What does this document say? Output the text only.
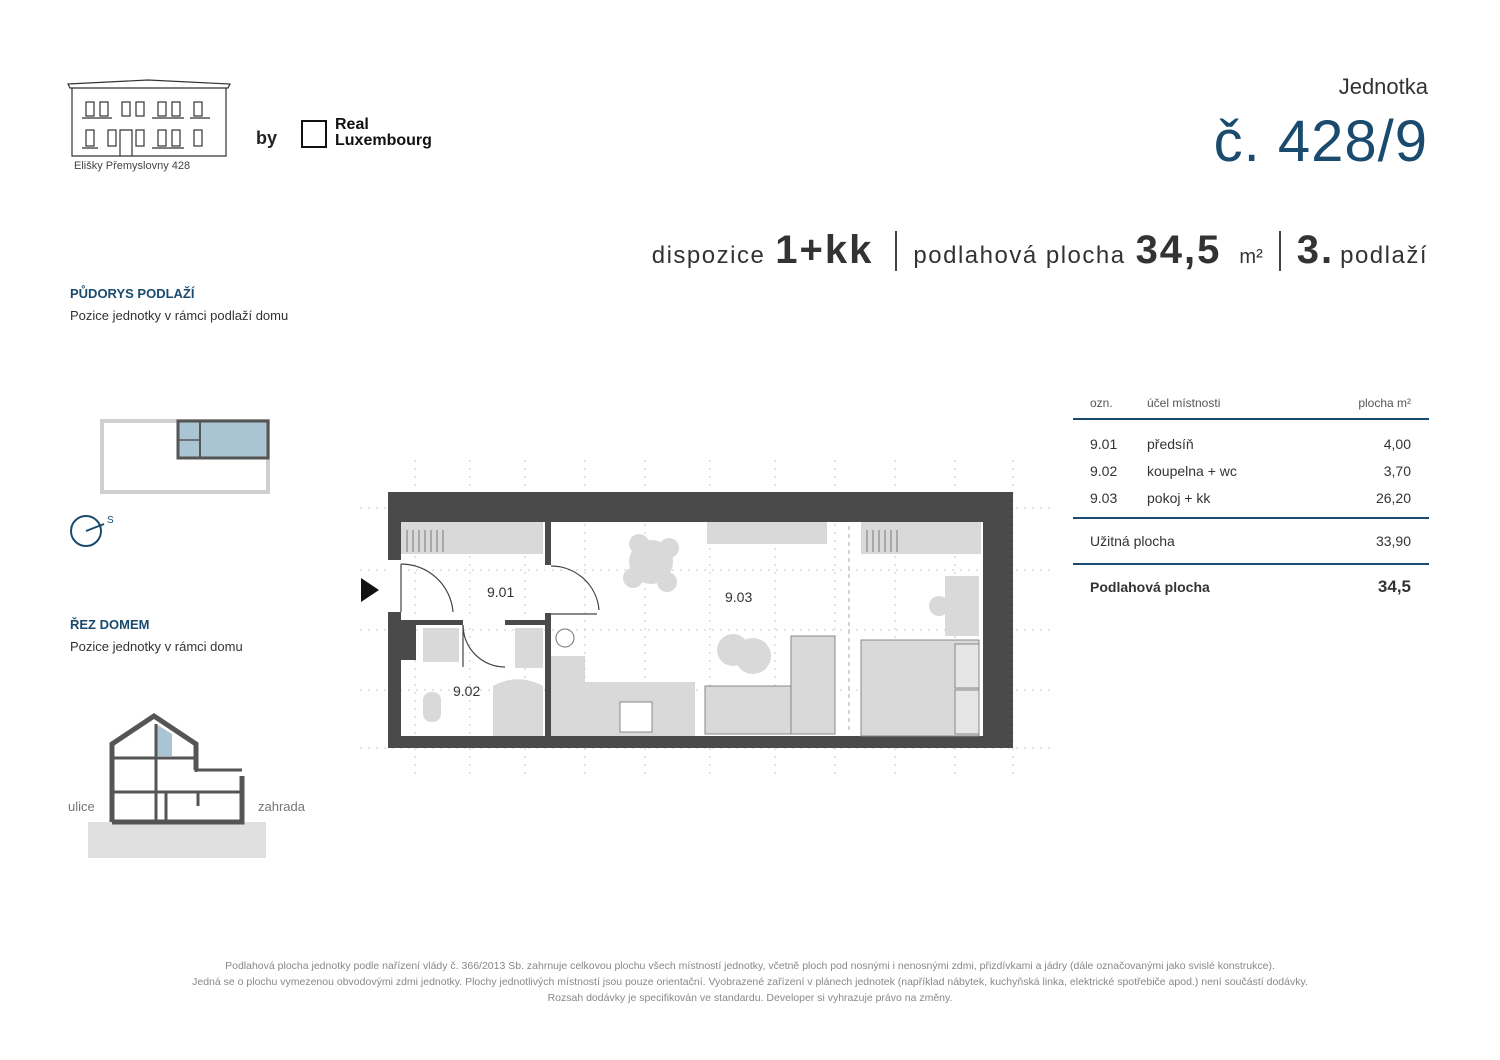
Elišky Přemyslovny 428
by
Real
Luxembourg
Jednotka
č. 428/9
dispozice 1+kk podlahová plocha 34,5 m² 3. podlaží
PŮDORYS PODLAŽÍ
Pozice jednotky v rámci podlaží domu
S
ŘEZ DOMEM
Pozice jednotky v rámci domu
ulice	zahrada
9.01
9.02
9.03
ozn.	účel místnosti	plocha m²
9.01	předsíň	4,00
9.02	koupelna + wc	3,70
9.03	pokoj + kk	26,20
Užitná plocha	33,90
Podlahová plocha	34,5
Podlahová plocha jednotky podle nařízení vlády č. 366/2013 Sb. zahrnuje celkovou plochu všech místností jednotky, včetně ploch pod nosnými i nenosnými zdmi, přizdívkami a jádry (dále označovanými jako svislé konstrukce).
Jedná se o plochu vymezenou obvodovými zdmi jednotky. Plochy jednotlivých místností jsou pouze orientační. Vyobrazené zařízení v plánech jednotek (například nábytek, kuchyňská linka, elektrické spotřebiče apod.) není součástí dodávky.
Rozsah dodávky je specifikován ve standardu. Developer si vyhrazuje právo na změny.
